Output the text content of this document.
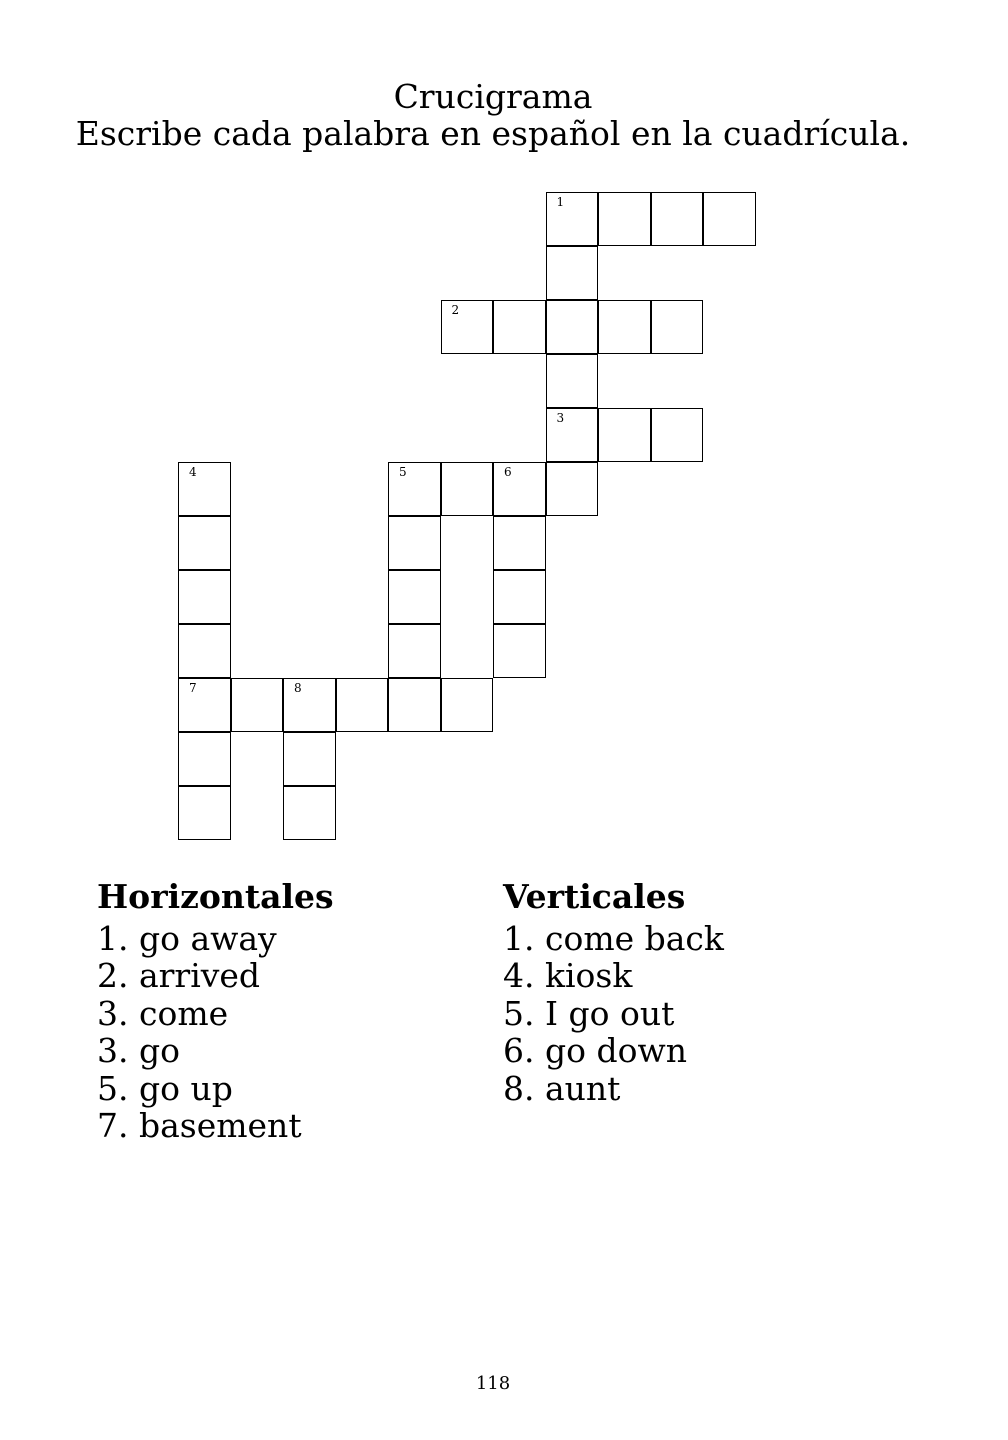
Crucigrama
Escribe cada palabra en español en la cuadrícula.
1
2
3
4	5	6
7	8
Horizontales
1. go away
2. arrived
3. come
3. go
5. go up
7. basement
Verticales
1. come back
4. kiosk
5. I go out
6. go down
8. aunt
118
